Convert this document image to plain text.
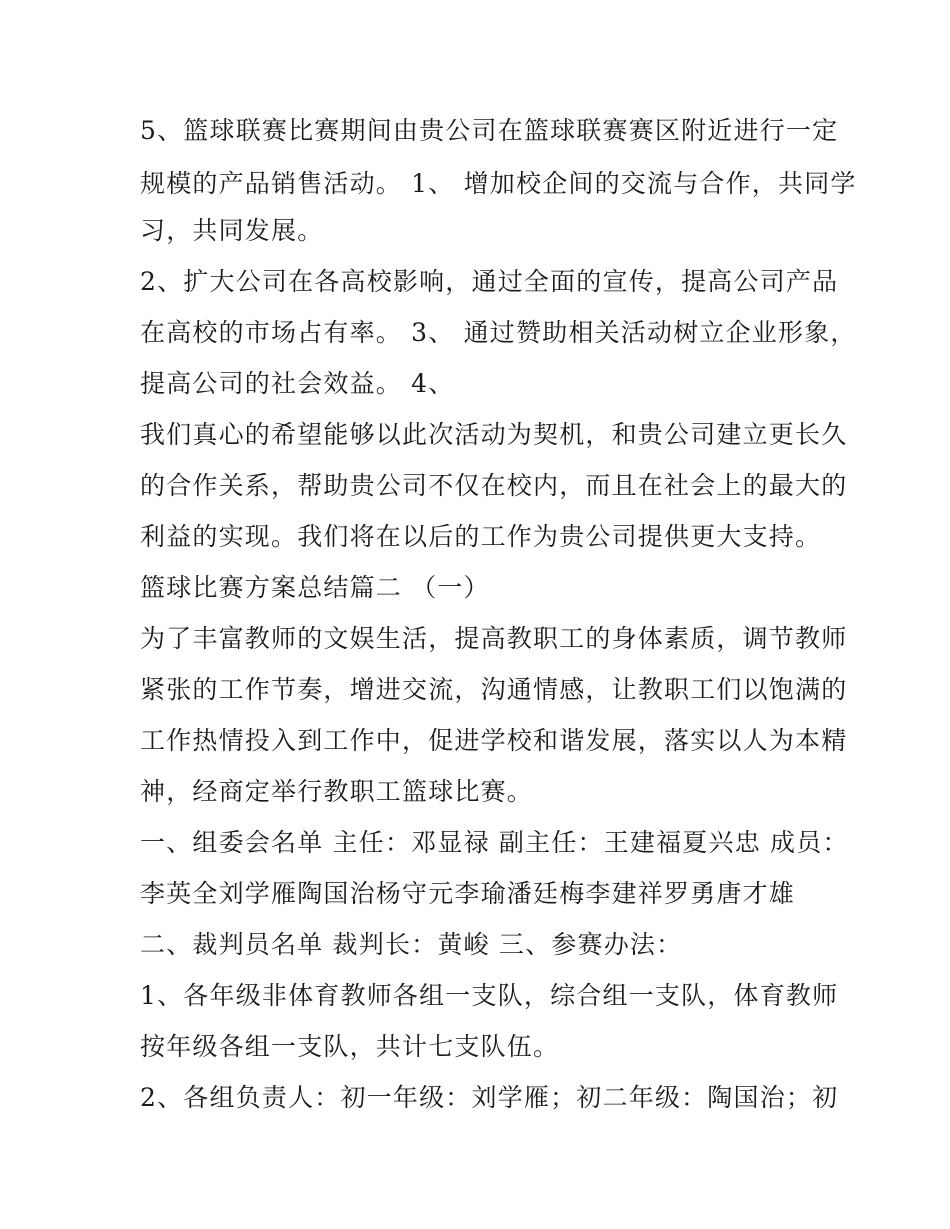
5、篮球联赛比赛期间由贵公司在篮球联赛赛区附近进行一定
规模的产品销售活动。 1、 增加校企间的交流与合作，共同学
习，共同发展。
2、扩大公司在各高校影响，通过全面的宣传，提高公司产品
在高校的市场占有率。 3、 通过赞助相关活动树立企业形象，
提高公司的社会效益。 4、
我们真心的希望能够以此次活动为契机，和贵公司建立更长久
的合作关系，帮助贵公司不仅在校内，而且在社会上的最大的
利益的实现。我们将在以后的工作为贵公司提供更大支持。
篮球比赛方案总结篇二 （一）
为了丰富教师的文娱生活，提高教职工的身体素质，调节教师
紧张的工作节奏，增进交流，沟通情感，让教职工们以饱满的
工作热情投入到工作中，促进学校和谐发展，落实以人为本精
神，经商定举行教职工篮球比赛。
一、组委会名单 主任：邓显禄 副主任：王建福夏兴忠 成员：
李英全刘学雁陶国治杨守元李瑜潘廷梅李建祥罗勇唐才雄
二、裁判员名单 裁判长：黄峻 三、参赛办法：
1、各年级非体育教师各组一支队，综合组一支队，体育教师
按年级各组一支队，共计七支队伍。
2、各组负责人：初一年级：刘学雁；初二年级：陶国治；初
